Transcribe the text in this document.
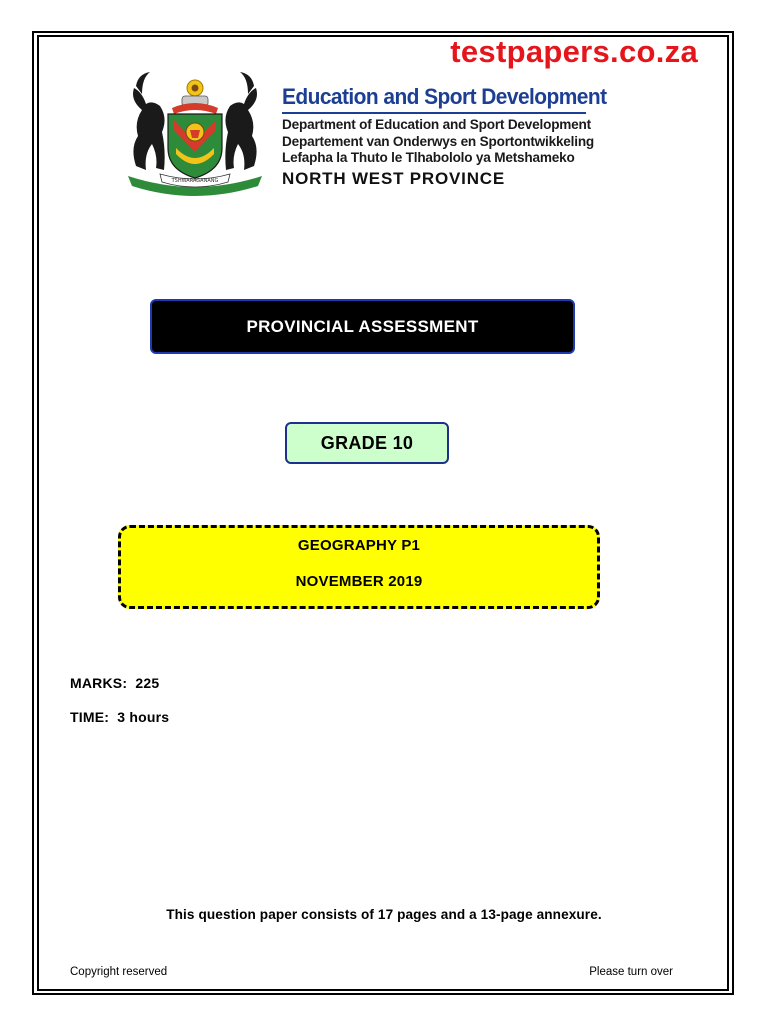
testpapers.co.za
TSHWARAGANANG
Education and Sport Development
Department of Education and Sport Development
Departement van Onderwys en Sportontwikkeling
Lefapha la Thuto le Tlhabololo ya Metshameko
NORTH WEST PROVINCE
PROVINCIAL ASSESSMENT
GRADE 10
GEOGRAPHY P1
NOVEMBER 2019
MARKS: 225
TIME: 3 hours
This question paper consists of 17 pages and a 13-page annexure.
Copyright reserved	Please turn over
